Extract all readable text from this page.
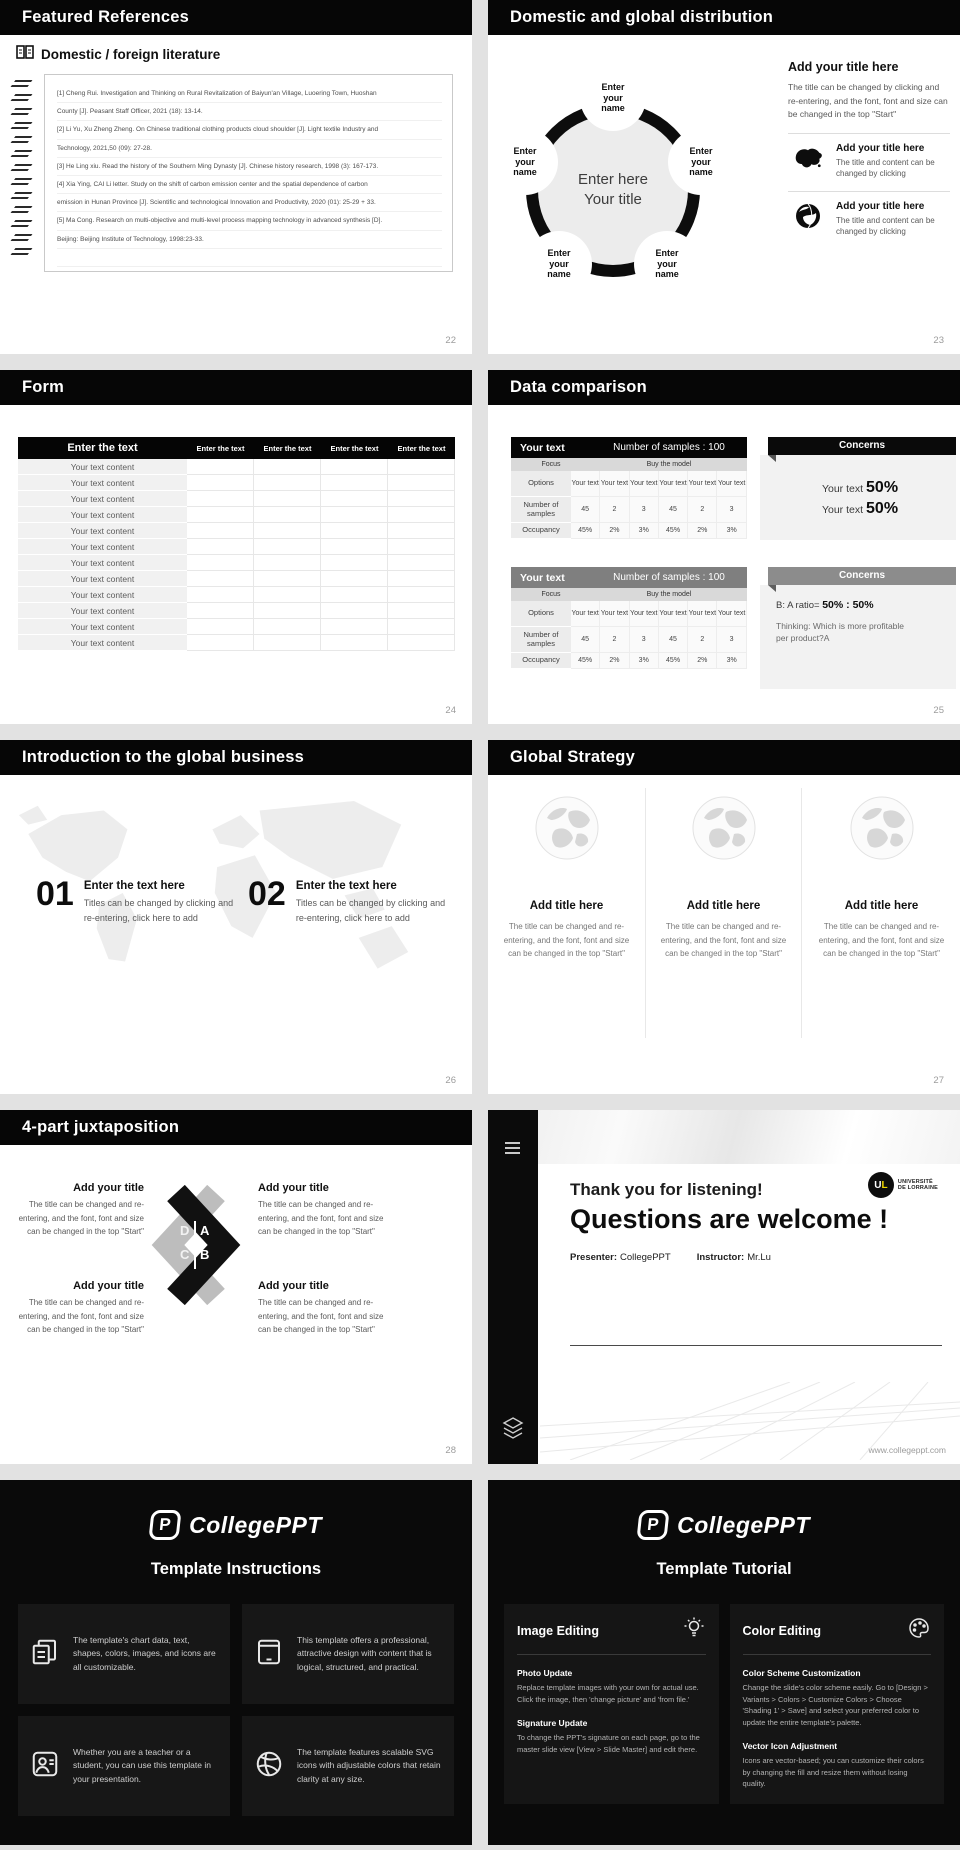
Featured References
Domestic / foreign literature
[1] Cheng Rui. Investigation and Thinking on Rural Revitalization of Baiyun'an Village, Luoering Town, Huoshan
County [J]. Peasant Staff Officer, 2021 (18): 13-14.
[2] Li Yu, Xu Zheng Zheng. On Chinese traditional clothing products cloud shoulder [J]. Light textile Industry and
Technology, 2021,50 (09): 27-28.
[3] He Ling xiu. Read the history of the Southern Ming Dynasty [J]. Chinese history research, 1998 (3): 167-173.
[4] Xia Ying, CAI Li letter. Study on the shift of carbon emission center and the spatial dependence of carbon
emission in Hunan Province [J]. Scientific and technological Innovation and Productivity, 2020 (01): 25-29 + 33.
[5] Ma Cong. Research on multi-objective and multi-level process mapping technology in advanced synthesis [D].
Beijing: Beijing Institute of Technology, 1998:23-33.
22
Domestic and global distribution
Enter here
Your title
Enter your name
Enter your name
Enter your name
Enter your name
Enter your name
Add your title here
The title can be changed by clicking and re-entering, and the font, font and size can be changed in the top "Start"
Add your title here
The title and content can be changed by clicking
Add your title here
The title and content can be changed by clicking
23
Form
Enter the text	Enter the text	Enter the text	Enter the text	Enter the text
Your text content
Your text content
Your text content
Your text content
Your text content
Your text content
Your text content
Your text content
Your text content
Your text content
Your text content
Your text content
24
Data comparison
Your text	Number of samples : 100
Focus	Buy the model
Options	Your text Your text Your text Your text Your text Your text
Number of samples	45	2	3	45	2	3
Occupancy	45%	2%	3%	45%	2%	3%
Your text	Number of samples : 100
Focus	Buy the model
Options	Your text Your text Your text Your text Your text Your text
Number of samples	45	2	3	45	2	3
Occupancy	45%	2%	3%	45%	2%	3%
Concerns
Your text 50%
Your text 50%
Concerns
B: A ratio= 50% : 50%
Thinking: Which is more profitable per product?A
25
Introduction to the global business
01 Enter the text here
Titles can be changed by clicking and re-entering, click here to add
02 Enter the text here
Titles can be changed by clicking and re-entering, click here to add
26
Global Strategy
Add title here
The title can be changed and re-entering, and the font, font and size can be changed in the top "Start"
Add title here
The title can be changed and re-entering, and the font, font and size can be changed in the top "Start"
Add title here
The title can be changed and re-entering, and the font, font and size can be changed in the top "Start"
27
4-part juxtaposition
Add your title
The title can be changed and re-entering, and the font, font and size can be changed in the top "Start"
Add your title
The title can be changed and re-entering, and the font, font and size can be changed in the top "Start"
Add your title
The title can be changed and re-entering, and the font, font and size can be changed in the top "Start"
Add your title
The title can be changed and re-entering, and the font, font and size can be changed in the top "Start"
D A
C B
28
U L UNIVERSITÉ
DE LORRAINE
Thank you for listening!
Questions are welcome !
Presenter: CollegePPT	Instructor: Mr.Lu
www.collegeppt.com
P CollegePPT
Template Instructions
The template's chart data, text, shapes, colors, images, and icons are all customizable.
This template offers a professional, attractive design with content that is logical, structured, and practical.
Whether you are a teacher or a student, you can use this template in your presentation.
The template features scalable SVG icons with adjustable colors that retain clarity at any size.
P CollegePPT
Template Tutorial
Image Editing
Photo Update
Replace template images with your own for actual use. Click the image, then 'change picture' and 'from file.'
Signature Update
To change the PPT's signature on each page, go to the master slide view [View > Slide Master] and edit there.
Color Editing
Color Scheme Customization
Change the slide's color scheme easily. Go to [Design > Variants > Colors > Customize Colors > Choose 'Shading 1' > Save] and select your preferred color to update the entire template's palette.
Vector Icon Adjustment
Icons are vector-based; you can customize their colors by changing the fill and resize them without losing quality.
